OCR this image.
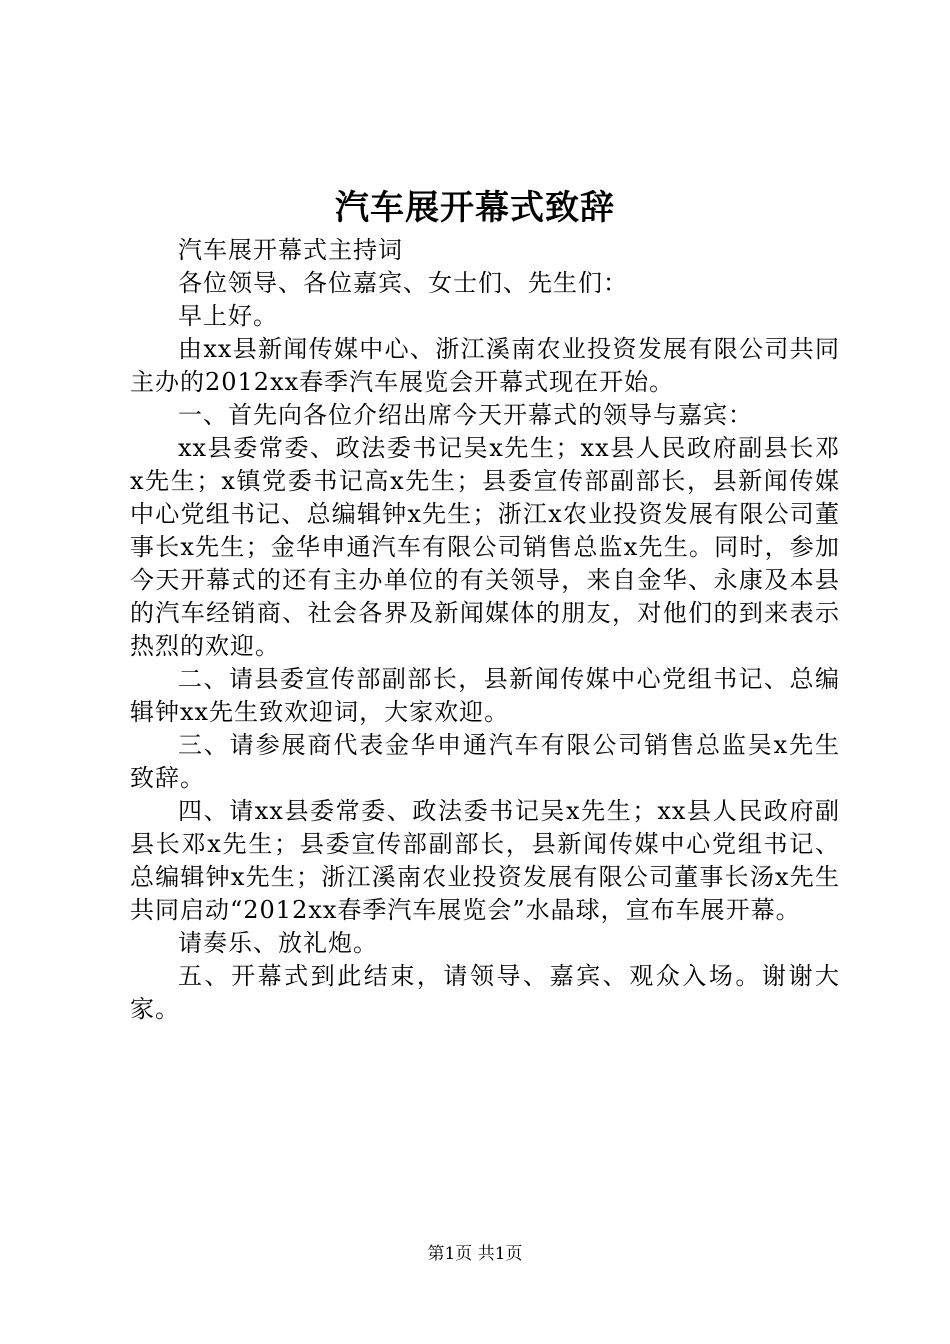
汽车展开幕式致辞

汽车展开幕式主持词

各位领导、各位嘉宾、女士们、先生们：

早上好。

由xx县新闻传媒中心、浙江溪南农业投资发展有限公司共同主办的2012xx春季汽车展览会开幕式现在开始。

一、首先向各位介绍出席今天开幕式的领导与嘉宾：

xx县委常委、政法委书记吴x先生；xx县人民政府副县长邓x先生；x镇党委书记高x先生；县委宣传部副部长，县新闻传媒中心党组书记、总编辑钟x先生；浙江x农业投资发展有限公司董事长x先生；金华申通汽车有限公司销售总监x先生。同时，参加今天开幕式的还有主办单位的有关领导，来自金华、永康及本县的汽车经销商、社会各界及新闻媒体的朋友，对他们的到来表示热烈的欢迎。

二、请县委宣传部副部长，县新闻传媒中心党组书记、总编辑钟xx先生致欢迎词，大家欢迎。

三、请参展商代表金华申通汽车有限公司销售总监吴x先生致辞。

四、请xx县委常委、政法委书记吴x先生；xx县人民政府副县长邓x先生；县委宣传部副部长，县新闻传媒中心党组书记、总编辑钟x先生；浙江溪南农业投资发展有限公司董事长汤x先生共同启动“2012xx春季汽车展览会”水晶球，宣布车展开幕。

请奏乐、放礼炮。

五、开幕式到此结束，请领导、嘉宾、观众入场。谢谢大家。

第1页 共1页
